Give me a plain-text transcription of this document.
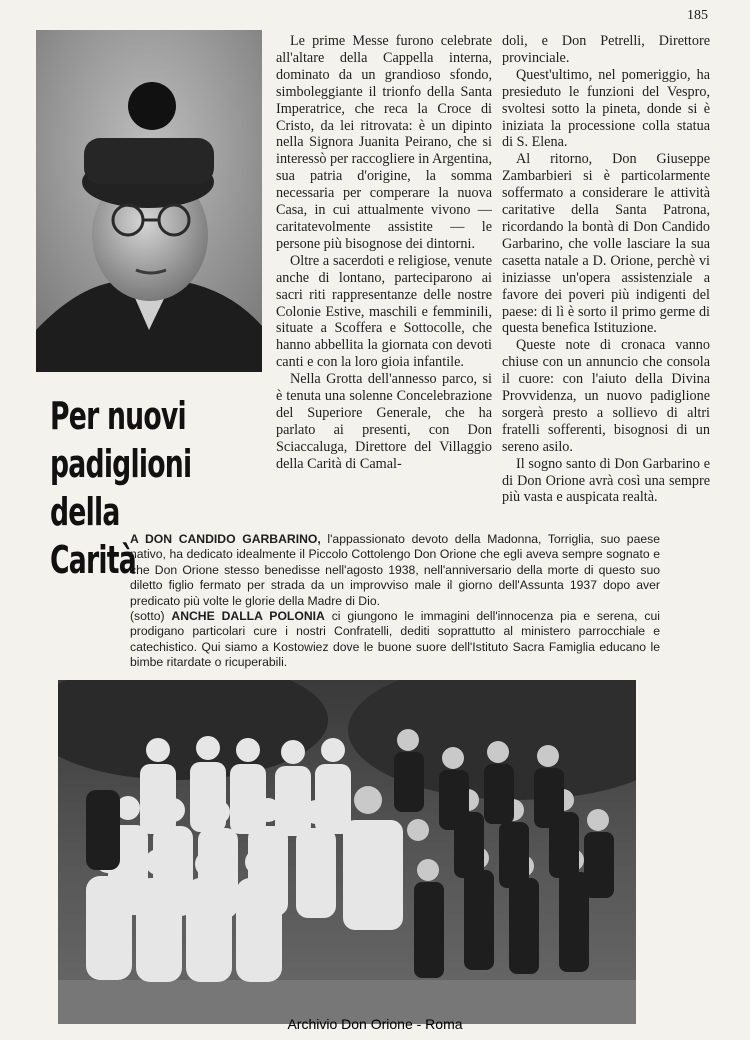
185

Le prime Messe furono celebrate all'altare della Cappella interna, dominato da un grandioso sfondo, simboleggiante il trionfo della Santa Imperatrice, che reca la Croce di Cristo, da lei ritrovata: è un dipinto nella Signora Juanita Peirano, che si interessò per raccogliere in Argentina, sua patria d'origine, la somma necessaria per comperare la nuova Casa, in cui attualmente vivono — caritatevolmente assistite — le persone più bisognose dei dintorni.

Oltre a sacerdoti e religiose, venute anche di lontano, parteciparono ai sacri riti rappresentanze delle nostre Colonie Estive, maschili e femminili, situate a Scoffera e Sottocolle, che hanno abbellita la giornata con devoti canti e con la loro gioia infantile.

Nella Grotta dell'annesso parco, si è tenuta una solenne Concelebrazione del Superiore Generale, che ha parlato ai presenti, con Don Sciaccaluga, Direttore del Villaggio della Carità di Camal-

doli, e Don Petrelli, Direttore provinciale.

Quest'ultimo, nel pomeriggio, ha presieduto le funzioni del Vespro, svoltesi sotto la pineta, donde si è iniziata la processione colla statua di S. Elena.

Al ritorno, Don Giuseppe Zambarbieri si è particolarmente soffermato a considerare le attività caritative della Santa Patrona, ricordando la bontà di Don Candido Garbarino, che volle lasciare la sua casetta natale a D. Orione, perchè vi iniziasse un'opera assistenziale a favore dei poveri più indigenti del paese: di lì è sorto il primo germe di questa benefica Istituzione.

Queste note di cronaca vanno chiuse con un annuncio che consola il cuore: con l'aiuto della Divina Provvidenza, un nuovo padiglione sorgerà presto a sollievo di altri fratelli sofferenti, bisognosi di un sereno asilo.

Il sogno santo di Don Garbarino e di Don Orione avrà così una sempre più vasta e auspicata realtà.

Per nuovi
padiglioni
della Carità

A DON CANDIDO GARBARINO, l'appassionato devoto della Madonna, Torriglia, suo paese nativo, ha dedicato idealmente il Piccolo Cottolengo Don Orione che egli aveva sempre sognato e che Don Orione stesso benedisse nell'agosto 1938, nell'anniversario della morte di questo suo diletto figlio fermato per strada da un improvviso male il giorno dell'Assunta 1937 dopo aver predicato più volte le glorie della Madre di Dio.

(sotto) ANCHE DALLA POLONIA ci giungono le immagini dell'innocenza pia e serena, cui prodigano particolari cure i nostri Confratelli, dediti soprattutto al ministero parrocchiale e catechistico. Qui siamo a Kostowiez dove le buone suore dell'Istituto Sacra Famiglia educano le bimbe ritardate o ricuperabili.

Archivio Don Orione - Roma
